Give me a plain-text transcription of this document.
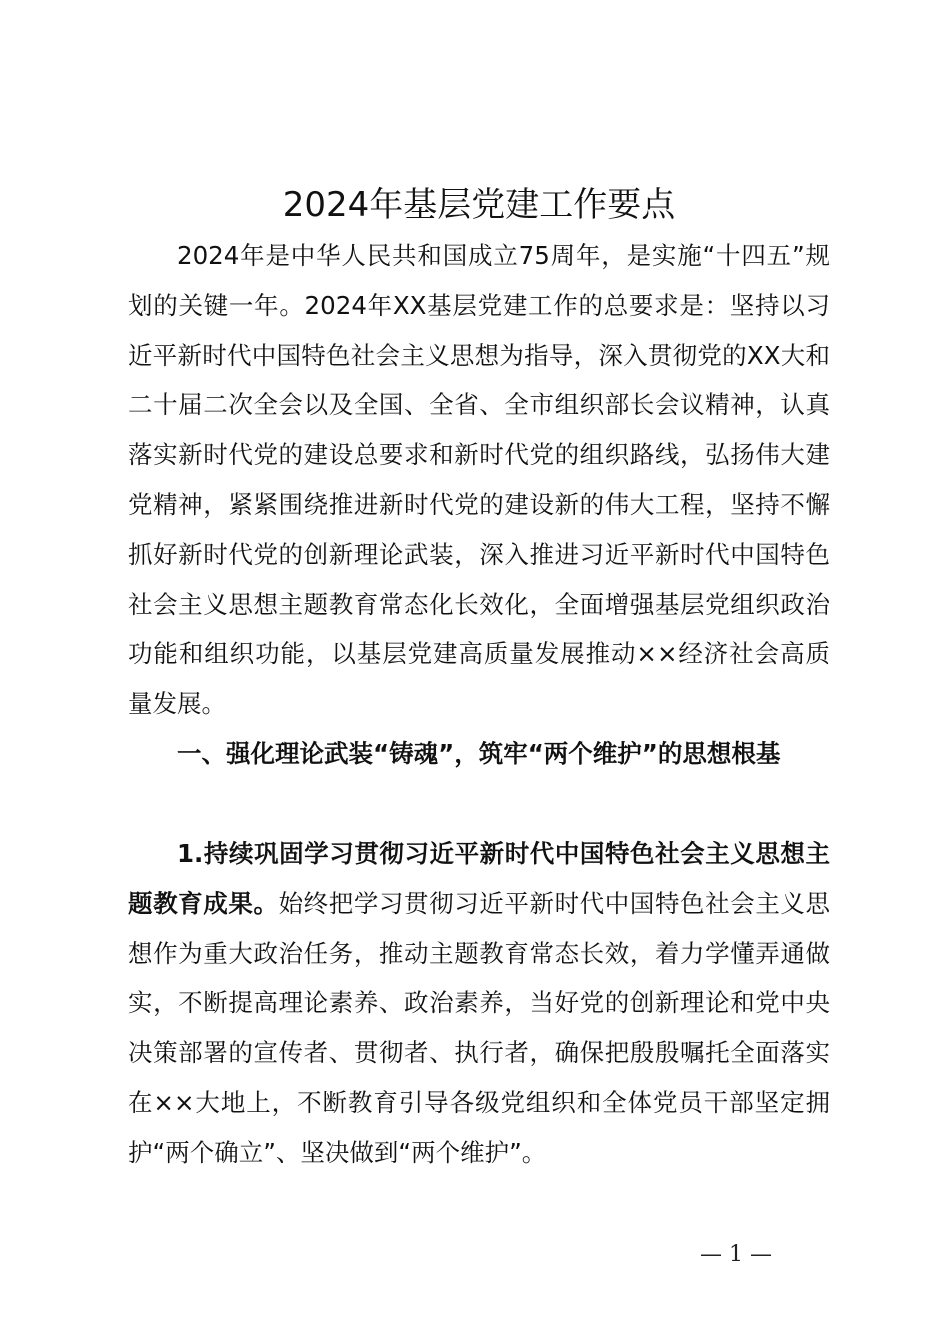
2024年基层党建工作要点

2024年是中华人民共和国成立75周年，是实施“十四五”规划的关键一年。2024年XX基层党建工作的总要求是：坚持以习近平新时代中国特色社会主义思想为指导，深入贯彻党的XX大和二十届二次全会以及全国、全省、全市组织部长会议精神，认真落实新时代党的建设总要求和新时代党的组织路线，弘扬伟大建党精神，紧紧围绕推进新时代党的建设新的伟大工程，坚持不懈抓好新时代党的创新理论武装，深入推进习近平新时代中国特色社会主义思想主题教育常态化长效化，全面增强基层党组织政治功能和组织功能，以基层党建高质量发展推动××经济社会高质量发展。

一、强化理论武装“铸魂”，筑牢“两个维护”的思想根基

1.持续巩固学习贯彻习近平新时代中国特色社会主义思想主题教育成果。始终把学习贯彻习近平新时代中国特色社会主义思想作为重大政治任务，推动主题教育常态长效，着力学懂弄通做实，不断提高理论素养、政治素养，当好党的创新理论和党中央决策部署的宣传者、贯彻者、执行者，确保把殷殷嘱托全面落实在××大地上，不断教育引导各级党组织和全体党员干部坚定拥护“两个确立”、坚决做到“两个维护”。

— 1 —
